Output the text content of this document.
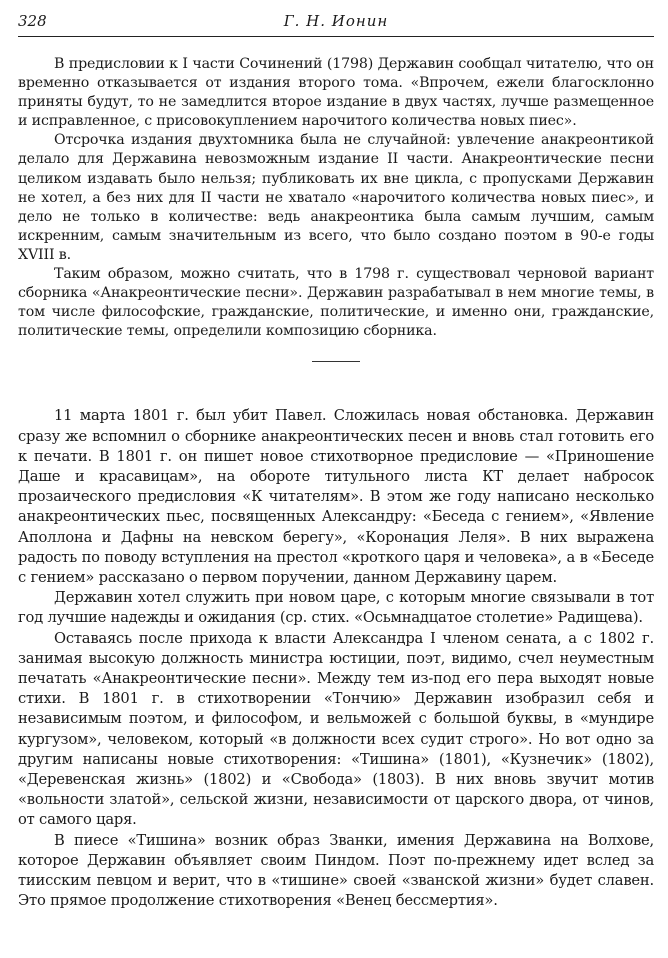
328	Г. Н. Ионин

В предисловии к I части Сочинений (1798) Державин сообщал читателю, что он временно отказывается от издания второго тома. «Впрочем, ежели благосклонно приняты будут, то не замедлится второе издание в двух частях, лучше размещенное и исправленное, с присовокуплением нарочитого количества новых пиес».

Отсрочка издания двухтомника была не случайной: увлечение анакреонтикой делало для Державина невозможным издание II части. Анакреонтические песни целиком издавать было нельзя; публиковать их вне цикла, с пропусками Державин не хотел, а без них для II части не хватало «нарочитого количества новых пиес», и дело не только в количестве: ведь анакреонтика была самым лучшим, самым искренним, самым значительным из всего, что было создано поэтом в 90-е годы XVIII в.

Таким образом, можно считать, что в 1798 г. существовал черновой вариант сборника «Анакреонтические песни». Державин разрабатывал в нем многие темы, в том числе философские, гражданские, политические, и именно они, гражданские, политические темы, определили композицию сборника.

11 марта 1801 г. был убит Павел. Сложилась новая обстановка. Державин сразу же вспомнил о сборнике анакреонтических песен и вновь стал готовить его к печати. В 1801 г. он пишет новое стихотворное предисловие — «Приношение Даше и красавицам», на обороте титульного листа КТ делает набросок прозаического предисловия «К читателям». В этом же году написано несколько анакреонтических пьес, посвященных Александру: «Беседа с гением», «Явление Аполлона и Дафны на невском берегу», «Коронация Леля». В них выражена радость по поводу вступления на престол «кроткого царя и человека», а в «Беседе с гением» рассказано о первом поручении, данном Державину царем.

Державин хотел служить при новом царе, с которым многие связывали в тот год лучшие надежды и ожидания (ср. стих. «Осьмнадцатое столетие» Радищева).

Оставаясь после прихода к власти Александра I членом сената, а с 1802 г. занимая высокую должность министра юстиции, поэт, видимо, счел неуместным печатать «Анакреонтические песни». Между тем из-под его пера выходят новые стихи. В 1801 г. в стихотворении «Тончию» Державин изобразил себя и независимым поэтом, и философом, и вельможей с большой буквы, в «мундире кургузом», человеком, который «в должности всех судит строго». Но вот одно за другим написаны новые стихотворения: «Тишина» (1801), «Кузнечик» (1802), «Деревенская жизнь» (1802) и «Свобода» (1803). В них вновь звучит мотив «вольности златой», сельской жизни, независимости от царского двора, от чинов, от самого царя.

В пиесе «Тишина» возник образ Званки, имения Державина на Волхове, которое Державин объявляет своим Пиндом. Поэт по-прежнему идет вслед за тиисским певцом и верит, что в «тишине» своей «званской жизни» будет славен. Это прямое продолжение стихотворения «Венец бессмертия».
